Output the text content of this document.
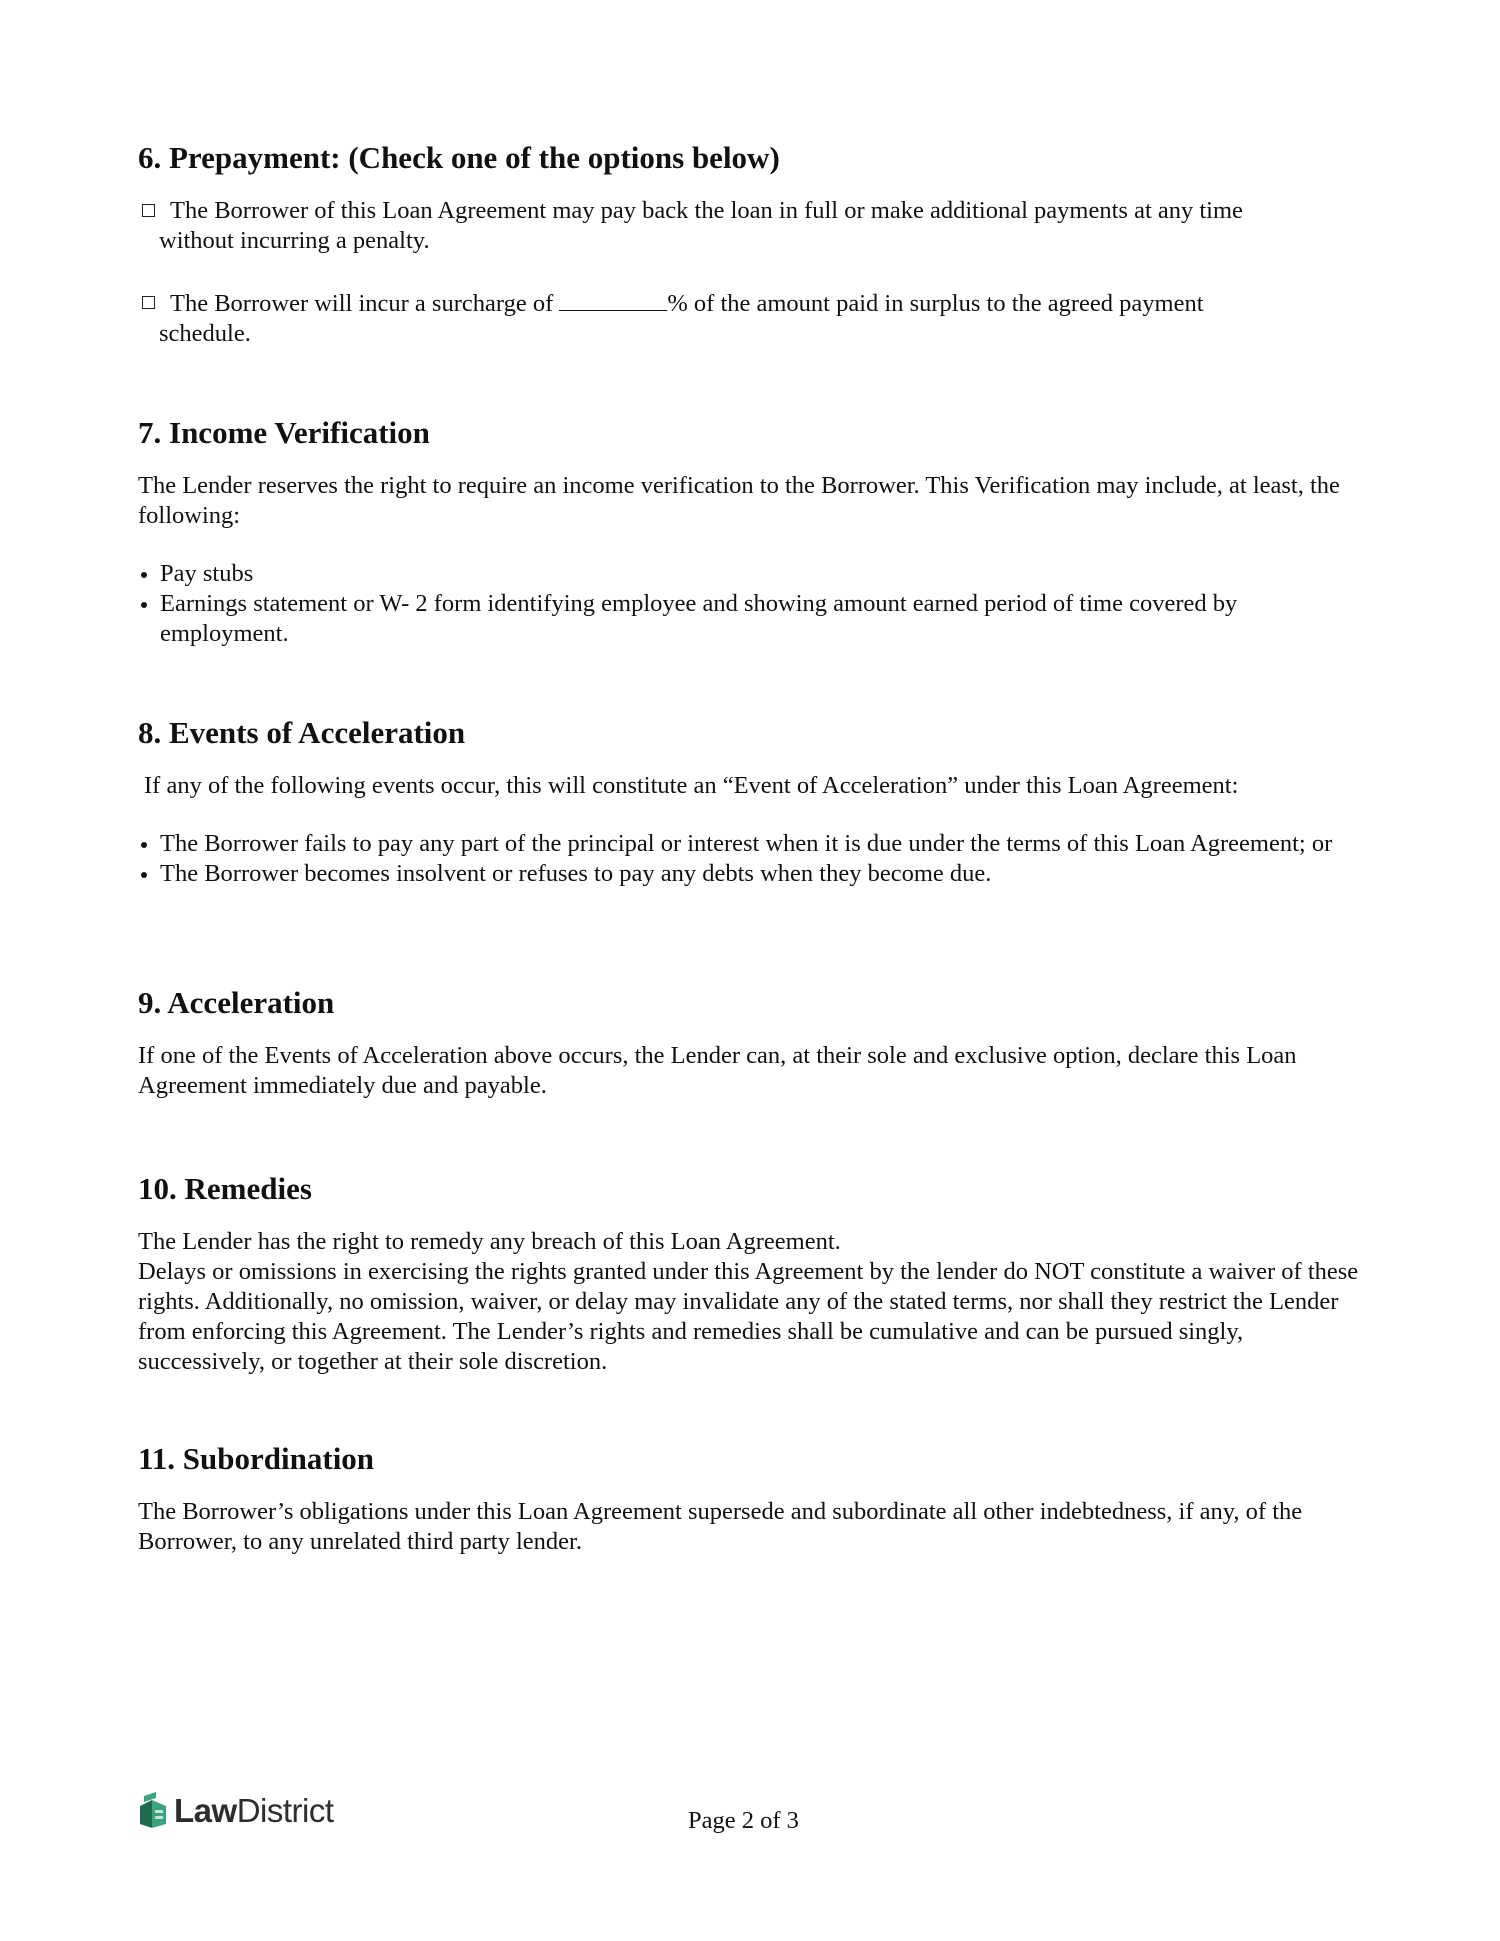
6. Prepayment: (Check one of the options below)
The Borrower of this Loan Agreement may pay back the loan in full or make additional payments at any time
without incurring a penalty.
The Borrower will incur a surcharge of	% of the amount paid in surplus to the agreed payment
schedule.
7. Income Verification

The Lender reserves the right to require an income verification to the Borrower. This Verification may include, at least, the following:

Pay stubs
Earnings statement or W- 2 form identifying employee and showing amount earned period of time covered by employment.
8. Events of Acceleration

If any of the following events occur, this will constitute an “Event of Acceleration” under this Loan Agreement:

The Borrower fails to pay any part of the principal or interest when it is due under the terms of this Loan Agreement; or
The Borrower becomes insolvent or refuses to pay any debts when they become due.
9. Acceleration

If one of the Events of Acceleration above occurs, the Lender can, at their sole and exclusive option, declare this Loan Agreement immediately due and payable.

10. Remedies

The Lender has the right to remedy any breach of this Loan Agreement.

Delays or omissions in exercising the rights granted under this Agreement by the lender do NOT constitute a waiver of these rights. Additionally, no omission, waiver, or delay may invalidate any of the stated terms, nor shall they restrict the Lender from enforcing this Agreement. The Lender’s rights and remedies shall be cumulative and can be pursued singly, successively, or together at their sole discretion.

11. Subordination

The Borrower’s obligations under this Loan Agreement supersede and subordinate all other indebtedness, if any, of the Borrower, to any unrelated third party lender.

LawDistrict	Page 2 of 3
